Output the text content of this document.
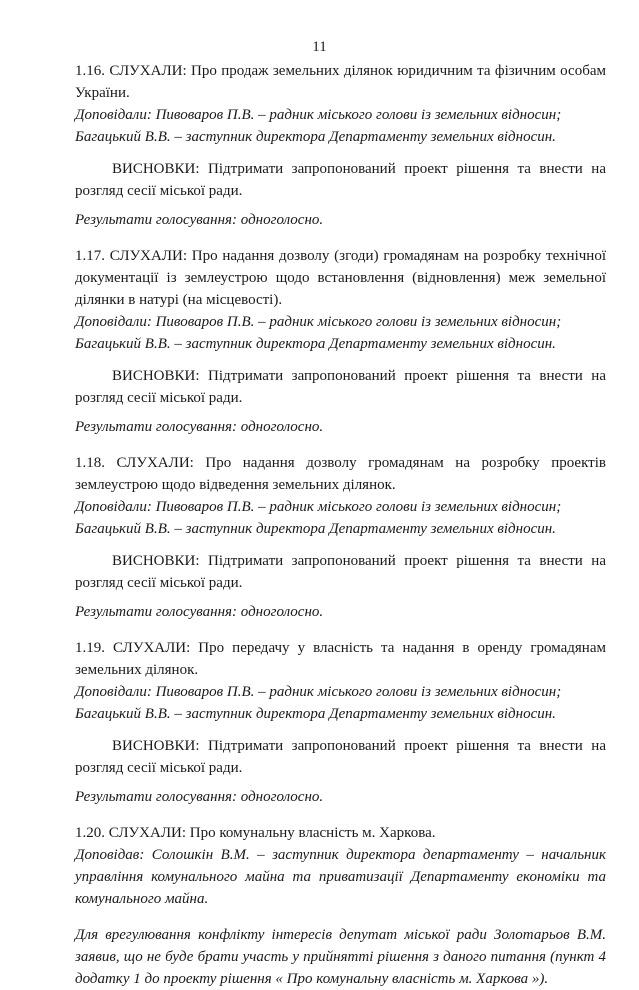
11
1.16. СЛУХАЛИ: Про продаж земельних ділянок юридичним та фізичним особам
України.
Доповідали: Пивоваров П.В. – радник міського голови із земельних відносин;
Багацький В.В. – заступник директора Департаменту земельних відносин.
ВИСНОВКИ: Підтримати запропонований проект рішення та внести на
розгляд сесії міської ради.
Результати голосування: одноголосно.
1.17. СЛУХАЛИ: Про надання дозволу (згоди) громадянам на розробку технічної
документації із землеустрою щодо встановлення (відновлення) меж земельної
ділянки в натурі (на місцевості).
Доповідали: Пивоваров П.В. – радник міського голови із земельних відносин;
Багацький В.В. – заступник директора Департаменту земельних відносин.
ВИСНОВКИ: Підтримати запропонований проект рішення та внести на
розгляд сесії міської ради.
Результати голосування: одноголосно.
1.18. СЛУХАЛИ: Про надання дозволу громадянам на розробку проектів
землеустрою щодо відведення земельних ділянок.
Доповідали: Пивоваров П.В. – радник міського голови із земельних відносин;
Багацький В.В. – заступник директора Департаменту земельних відносин.
ВИСНОВКИ: Підтримати запропонований проект рішення та внести на
розгляд сесії міської ради.
Результати голосування: одноголосно.
1.19. СЛУХАЛИ: Про передачу у власність та надання в оренду громадянам
земельних ділянок.
Доповідали: Пивоваров П.В. – радник міського голови із земельних відносин;
Багацький В.В. – заступник директора Департаменту земельних відносин.
ВИСНОВКИ: Підтримати запропонований проект рішення та внести на
розгляд сесії міської ради.
Результати голосування: одноголосно.
1.20. СЛУХАЛИ: Про комунальну власність м. Харкова.
Доповідав: Солошкін В.М. – заступник директора департаменту – начальник
управління комунального майна та приватизації Департаменту економіки та
комунального майна.
Для врегулювання конфлікту інтересів депутат міської ради Золотарьов В.М.
заявив, що не буде брати участь у прийнятті рішення з даного питання (пункт 4
додатку 1 до проекту рішення « Про комунальну власність м. Харкова »).
